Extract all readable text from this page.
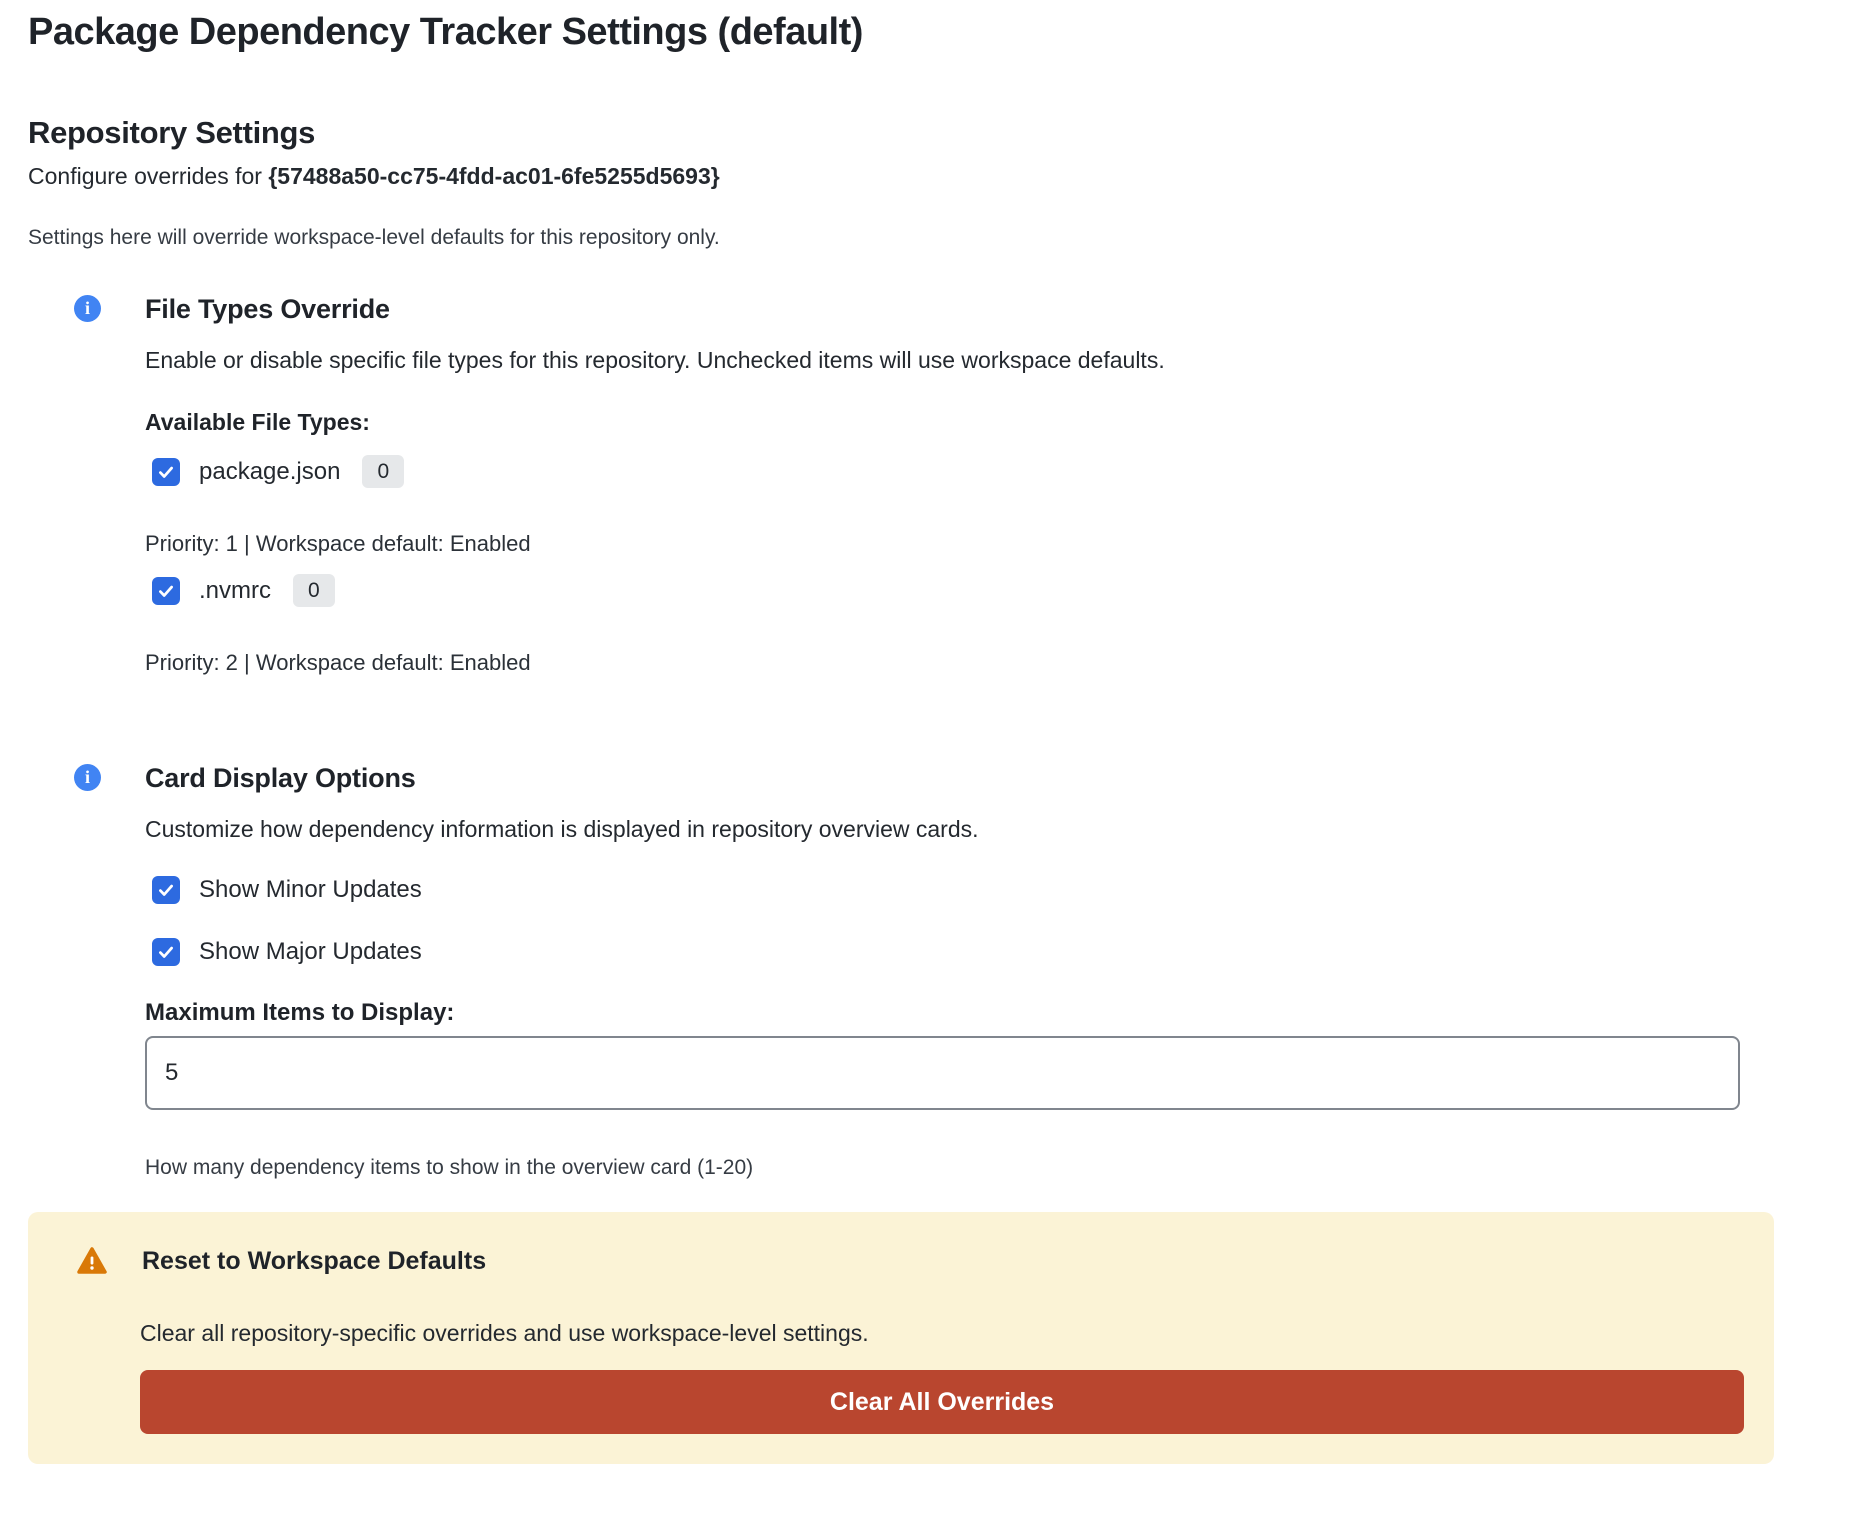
Package Dependency Tracker Settings (default)
Repository Settings
Configure overrides for {57488a50-cc75-4fdd-ac01-6fe5255d5693}
Settings here will override workspace-level defaults for this repository only.
i	File Types Override
Enable or disable specific file types for this repository. Unchecked items will use workspace defaults.
Available File Types:
package.json	0
Priority: 1 | Workspace default: Enabled
.nvmrc	0
Priority: 2 | Workspace default: Enabled
i	Card Display Options
Customize how dependency information is displayed in repository overview cards.
Show Minor Updates
Show Major Updates
Maximum Items to Display:
5
How many dependency items to show in the overview card (1-20)
Reset to Workspace Defaults
Clear all repository-specific overrides and use workspace-level settings.
Clear All Overrides
